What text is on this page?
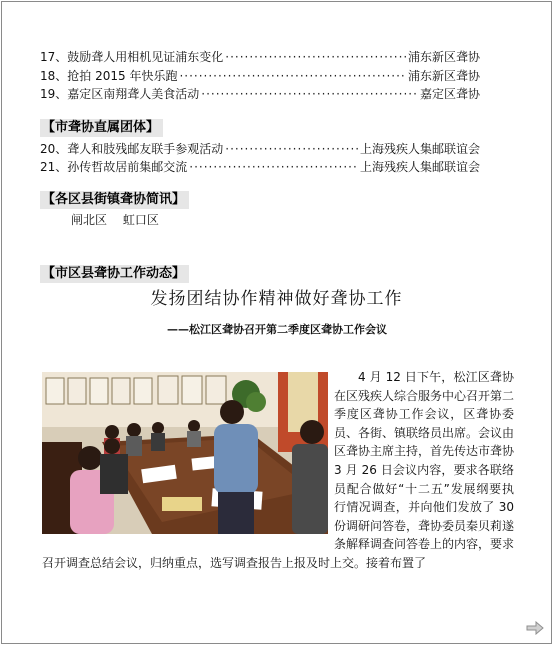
17、鼓励聋人用相机见证浦东变化 ·····	浦东新区聋协
18、抢拍 2015 年快乐跑 ·····	浦东新区聋协
19、嘉定区南翔聋人美食活动 ·····	嘉定区聋协
【市聋协直属团体】
20、聋人和肢残邮友联手参观活动 ·····	上海残疾人集邮联谊会
21、孙传哲故居前集邮交流 ·····	上海残疾人集邮联谊会
【各区县街镇聋协简讯】
闸北区 虹口区
【市区县聋协工作动态】
发扬团结协作精神做好聋协工作
——松江区聋协召开第二季度区聋协工作会议

4 月 12 日下午，松江区聋协在区残疾人综合服务中心召开第二季度区聋协工作会议，区聋协委员、各街、镇联络员出席。会议由区聋协主席主持，首先传达市聋协 3 月 26 日会议内容，要求各联络员配合做好“十二五”发展纲要执行情况调查，并向他们发放了 30 份调研问答卷，聋协委员秦贝莉遂条解释调查问答卷上的内容，要求召开调查总结会议，归纳重点，选写调查报告上报及时上交。接着布置了
